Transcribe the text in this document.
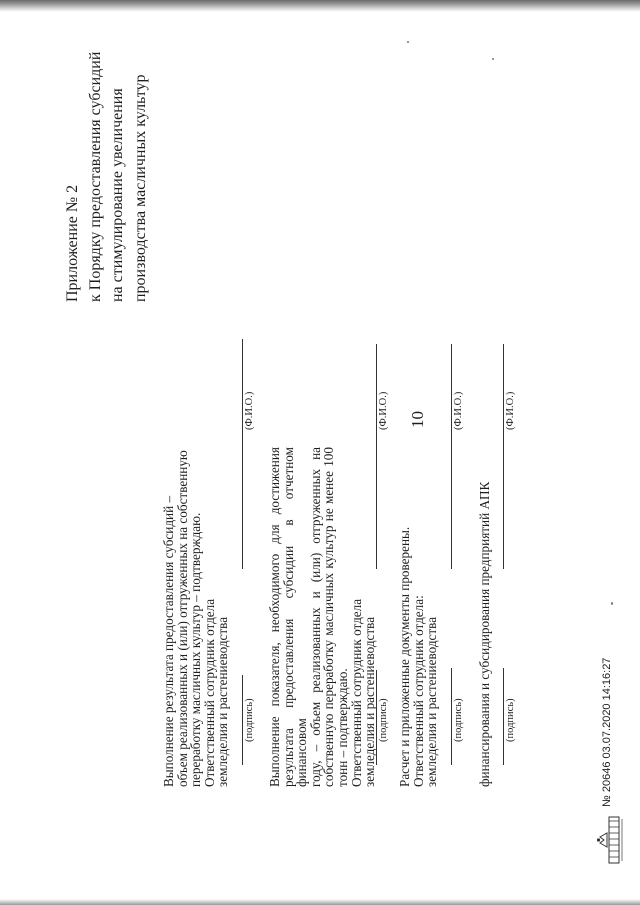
10
Приложение № 2 к Порядку предоставления субсидий на стимулирование увеличения производства масличных культур
Выполнение результата предоставления субсидий –
объем реализованных и (или) отгруженных на собственную
переработку масличных культур – подтверждаю.
Ответственный сотрудник отдела
земледелия и растениеводства (подпись)
(Ф.И.О.)
Выполнение показателя, необходимого для достижения
результата предоставления субсидии в отчетном финансовом
году, – объем реализованных и (или) отгруженных на
собственную переработку масличных культур не менее 100
тонн – подтверждаю.
Ответственный сотрудник отдела
земледелия и растениеводства (подпись)
(Ф.И.О.)
Расчет и приложенные документы проверены.
Ответственный сотрудник отдела:
земледелия и растениеводства (подпись)
(Ф.И.О.)
финансирования и субсидирования предприятий АПК (подпись)
(Ф.И.О.)
№ 20646 03.07.2020 14:16:27
